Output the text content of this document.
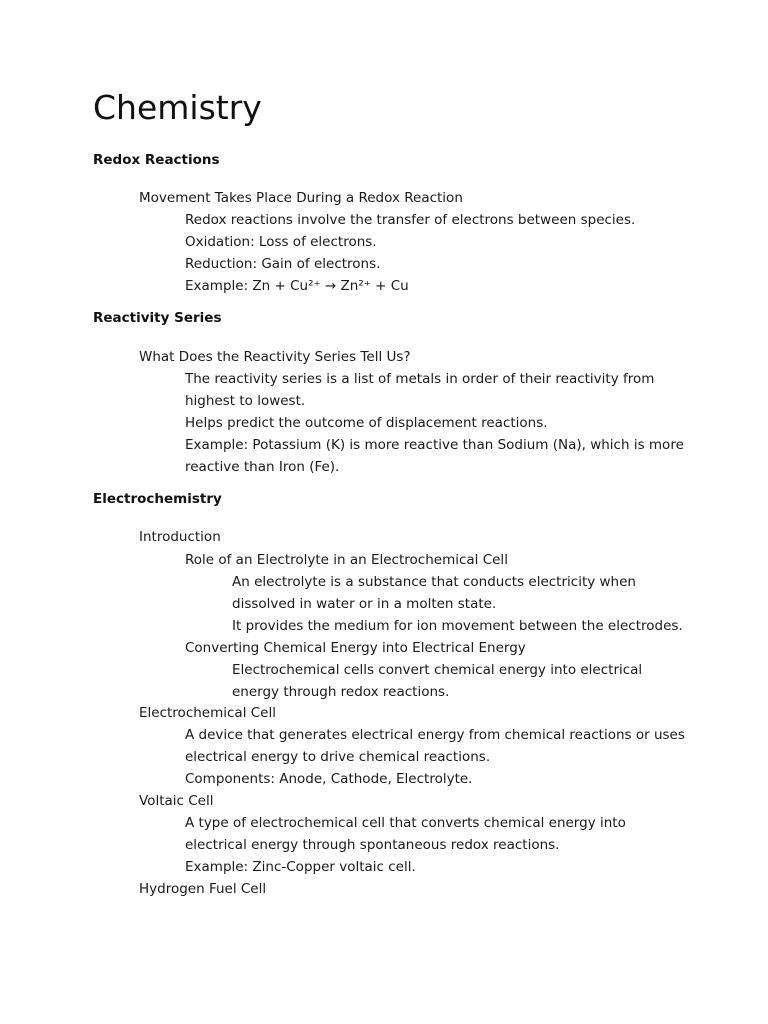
Chemistry
Redox Reactions

Movement Takes Place During a Redox Reaction

Redox reactions involve the transfer of electrons between species.

Oxidation: Loss of electrons.

Reduction: Gain of electrons.

Example: Zn + Cu²⁺ → Zn²⁺ + Cu

Reactivity Series

What Does the Reactivity Series Tell Us?

The reactivity series is a list of metals in order of their reactivity from

highest to lowest.

Helps predict the outcome of displacement reactions.

Example: Potassium (K) is more reactive than Sodium (Na), which is more

reactive than Iron (Fe).

Electrochemistry

Introduction

Role of an Electrolyte in an Electrochemical Cell

An electrolyte is a substance that conducts electricity when

dissolved in water or in a molten state.

It provides the medium for ion movement between the electrodes.

Converting Chemical Energy into Electrical Energy

Electrochemical cells convert chemical energy into electrical

energy through redox reactions.

Electrochemical Cell

A device that generates electrical energy from chemical reactions or uses

electrical energy to drive chemical reactions.

Components: Anode, Cathode, Electrolyte.

Voltaic Cell

A type of electrochemical cell that converts chemical energy into

electrical energy through spontaneous redox reactions.

Example: Zinc-Copper voltaic cell.

Hydrogen Fuel Cell
